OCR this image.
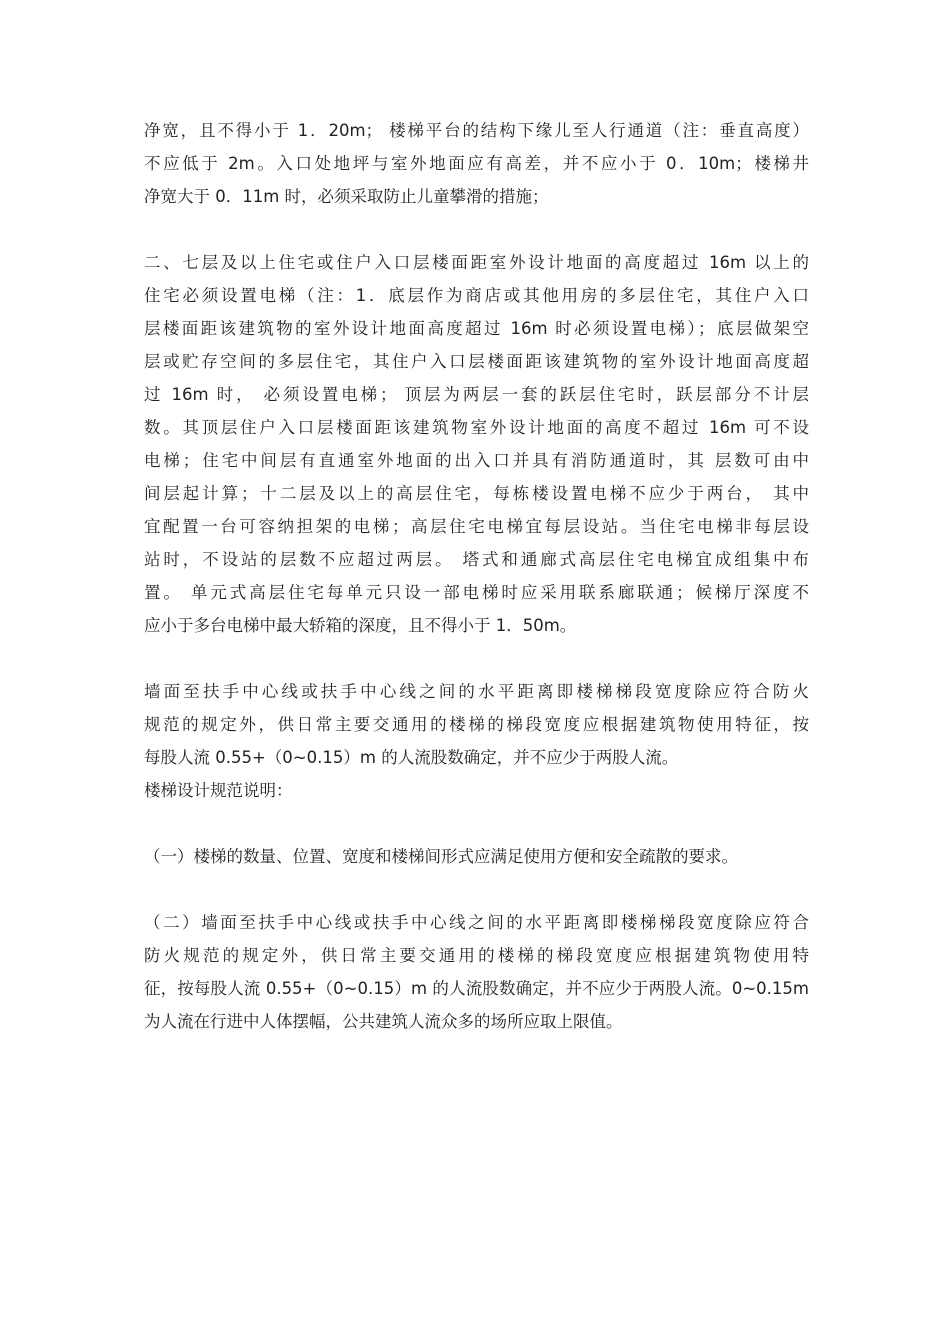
净宽，且不得小于 1．20m； 楼梯平台的结构下缘儿至人行通道（注：垂直高度）
不应低于 2m。入口处地坪与室外地面应有高差，并不应小于 0．10m；楼梯井
净宽大于 0．11m 时，必须采取防止儿童攀滑的措施；
二、七层及以上住宅或住户入口层楼面距室外设计地面的高度超过 16m 以上的
住宅必须设置电梯（注：1．底层作为商店或其他用房的多层住宅，其住户入口
层楼面距该建筑物的室外设计地面高度超过 16m 时必须设置电梯）；底层做架空
层或贮存空间的多层住宅，其住户入口层楼面距该建筑物的室外设计地面高度超
过 16m 时， 必须设置电梯； 顶层为两层一套的跃层住宅时，跃层部分不计层
数。其顶层住户入口层楼面距该建筑物室外设计地面的高度不超过 16m 可不设
电梯；住宅中间层有直通室外地面的出入口并具有消防通道时，其 层数可由中
间层起计算；十二层及以上的高层住宅，每栋楼设置电梯不应少于两台， 其中
宜配置一台可容纳担架的电梯；高层住宅电梯宜每层设站。当住宅电梯非每层设
站时，不设站的层数不应超过两层。 塔式和通廊式高层住宅电梯宜成组集中布
置。 单元式高层住宅每单元只设一部电梯时应采用联系廊联通；候梯厅深度不
应小于多台电梯中最大轿箱的深度，且不得小于 1．50m。
墙面至扶手中心线或扶手中心线之间的水平距离即楼梯梯段宽度除应符合防火
规范的规定外，供日常主要交通用的楼梯的梯段宽度应根据建筑物使用特征，按
每股人流 0.55+（0~0.15）m 的人流股数确定，并不应少于两股人流。
楼梯设计规范说明：
（一）楼梯的数量、位置、宽度和楼梯间形式应满足使用方便和安全疏散的要求。
（二）墙面至扶手中心线或扶手中心线之间的水平距离即楼梯梯段宽度除应符合
防火规范的规定外，供日常主要交通用的楼梯的梯段宽度应根据建筑物使用特
征，按每股人流 0.55+（0~0.15）m 的人流股数确定，并不应少于两股人流。0~0.15m
为人流在行进中人体摆幅，公共建筑人流众多的场所应取上限值。
